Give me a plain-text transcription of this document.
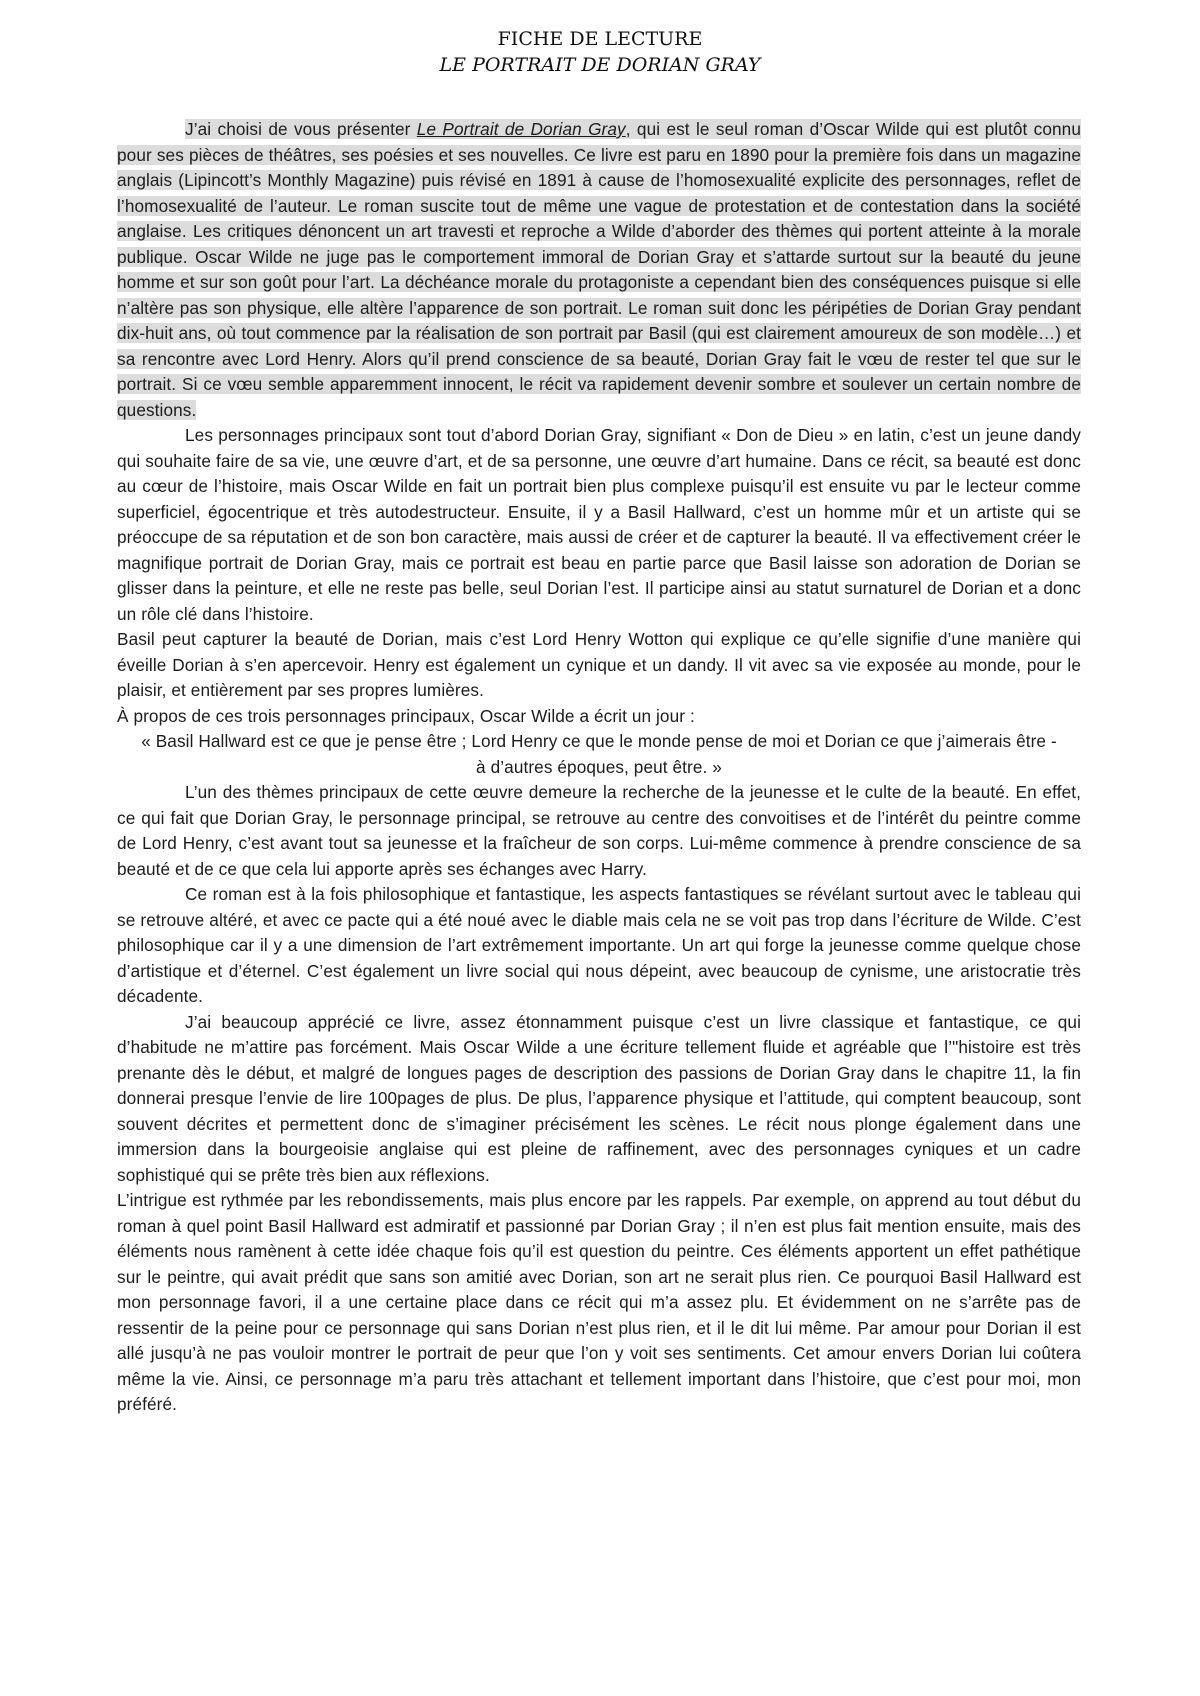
FICHE DE LECTURE
LE PORTRAIT DE DORIAN GRAY

J’ai choisi de vous présenter Le Portrait de Dorian Gray, qui est le seul roman d’Oscar Wilde qui est plutôt connu pour ses pièces de théâtres, ses poésies et ses nouvelles. Ce livre est paru en 1890 pour la première fois dans un magazine anglais (Lipincott’s Monthly Magazine) puis révisé en 1891 à cause de l’homosexualité explicite des personnages, reflet de l’homosexualité de l’auteur. Le roman suscite tout de même une vague de protestation et de contestation dans la société anglaise. Les critiques dénoncent un art travesti et reproche a Wilde d’aborder des thèmes qui portent atteinte à la morale publique. Oscar Wilde ne juge pas le comportement immoral de Dorian Gray et s’attarde surtout sur la beauté du jeune homme et sur son goût pour l’art. La déchéance morale du protagoniste a cependant bien des conséquences puisque si elle n’altère pas son physique, elle altère l’apparence de son portrait. Le roman suit donc les péripéties de Dorian Gray pendant dix-huit ans, où tout commence par la réalisation de son portrait par Basil (qui est clairement amoureux de son modèle…) et sa rencontre avec Lord Henry. Alors qu’il prend conscience de sa beauté, Dorian Gray fait le vœu de rester tel que sur le portrait. Si ce vœu semble apparemment innocent, le récit va rapidement devenir sombre et soulever un certain nombre de questions.

Les personnages principaux sont tout d’abord Dorian Gray, signifiant « Don de Dieu » en latin, c’est un jeune dandy qui souhaite faire de sa vie, une œuvre d’art, et de sa personne, une œuvre d’art humaine. Dans ce récit, sa beauté est donc au cœur de l’histoire, mais Oscar Wilde en fait un portrait bien plus complexe puisqu’il est ensuite vu par le lecteur comme superficiel, égocentrique et très autodestructeur. Ensuite, il y a Basil Hallward, c’est un homme mûr et un artiste qui se préoccupe de sa réputation et de son bon caractère, mais aussi de créer et de capturer la beauté. Il va effectivement créer le magnifique portrait de Dorian Gray, mais ce portrait est beau en partie parce que Basil laisse son adoration de Dorian se glisser dans la peinture, et elle ne reste pas belle, seul Dorian l’est. Il participe ainsi au statut surnaturel de Dorian et a donc un rôle clé dans l’histoire.

Basil peut capturer la beauté de Dorian, mais c’est Lord Henry Wotton qui explique ce qu’elle signifie d’une manière qui éveille Dorian à s’en apercevoir. Henry est également un cynique et un dandy. Il vit avec sa vie exposée au monde, pour le plaisir, et entièrement par ses propres lumières.

À propos de ces trois personnages principaux, Oscar Wilde a écrit un jour :

« Basil Hallward est ce que je pense être ; Lord Henry ce que le monde pense de moi et Dorian ce que j’aimerais être - à d’autres époques, peut être. »

L’un des thèmes principaux de cette œuvre demeure la recherche de la jeunesse et le culte de la beauté. En effet, ce qui fait que Dorian Gray, le personnage principal, se retrouve au centre des convoitises et de l’intérêt du peintre comme de Lord Henry, c’est avant tout sa jeunesse et la fraîcheur de son corps. Lui-même commence à prendre conscience de sa beauté et de ce que cela lui apporte après ses échanges avec Harry.

Ce roman est à la fois philosophique et fantastique, les aspects fantastiques se révélant surtout avec le tableau qui se retrouve altéré, et avec ce pacte qui a été noué avec le diable mais cela ne se voit pas trop dans l’écriture de Wilde. C’est philosophique car il y a une dimension de l’art extrêmement importante. Un art qui forge la jeunesse comme quelque chose d’artistique et d’éternel. C’est également un livre social qui nous dépeint, avec beaucoup de cynisme, une aristocratie très décadente.

J’ai beaucoup apprécié ce livre, assez étonnamment puisque c’est un livre classique et fantastique, ce qui d’habitude ne m’attire pas forcément. Mais Oscar Wilde a une écriture tellement fluide et agréable que l’"histoire est très prenante dès le début, et malgré de longues pages de description des passions de Dorian Gray dans le chapitre 11, la fin donnerai presque l’envie de lire 100pages de plus. De plus, l’apparence physique et l’attitude, qui comptent beaucoup, sont souvent décrites et permettent donc de s’imaginer précisément les scènes. Le récit nous plonge également dans une immersion dans la bourgeoisie anglaise qui est pleine de raffinement, avec des personnages cyniques et un cadre sophistiqué qui se prête très bien aux réflexions.

L’intrigue est rythmée par les rebondissements, mais plus encore par les rappels. Par exemple, on apprend au tout début du roman à quel point Basil Hallward est admiratif et passionné par Dorian Gray ; il n’en est plus fait mention ensuite, mais des éléments nous ramènent à cette idée chaque fois qu’il est question du peintre. Ces éléments apportent un effet pathétique sur le peintre, qui avait prédit que sans son amitié avec Dorian, son art ne serait plus rien. Ce pourquoi Basil Hallward est mon personnage favori, il a une certaine place dans ce récit qui m’a assez plu. Et évidemment on ne s’arrête pas de ressentir de la peine pour ce personnage qui sans Dorian n’est plus rien, et il le dit lui même. Par amour pour Dorian il est allé jusqu’à ne pas vouloir montrer le portrait de peur que l’on y voit ses sentiments. Cet amour envers Dorian lui coûtera même la vie. Ainsi, ce personnage m’a paru très attachant et tellement important dans l’histoire, que c’est pour moi, mon préféré.
